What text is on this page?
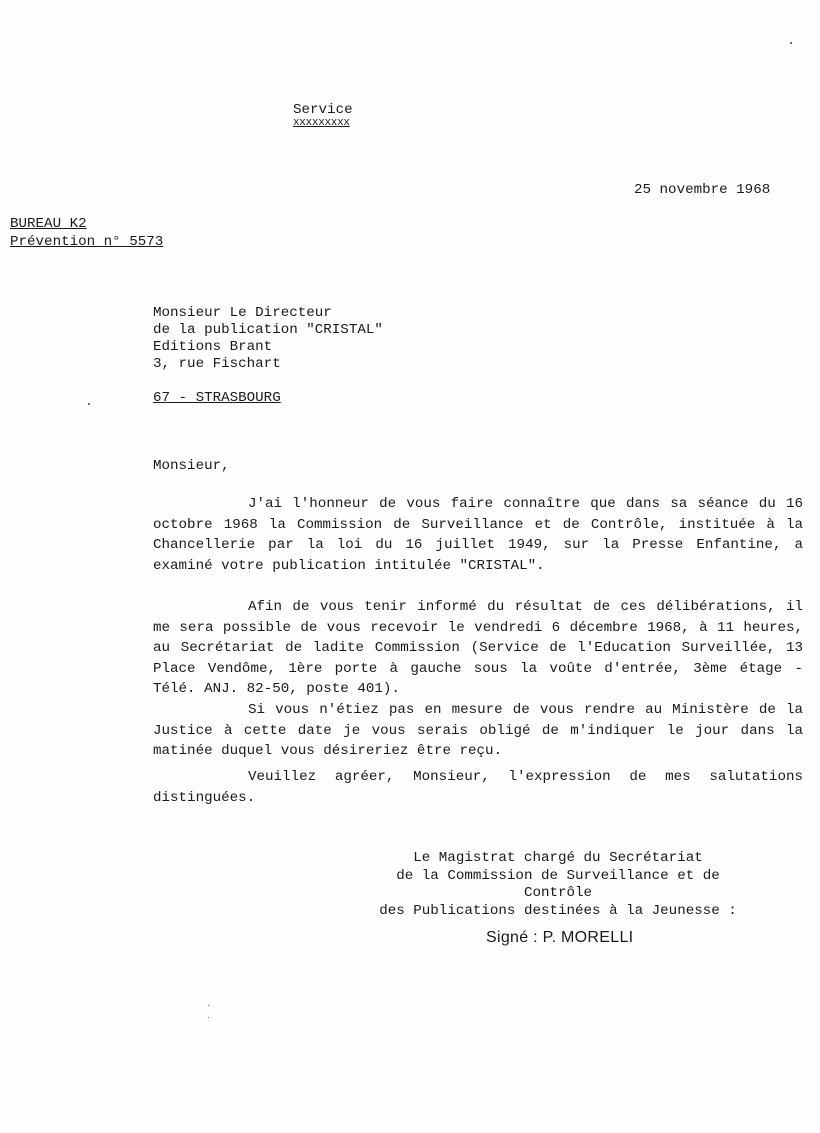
Service
xxxxxxxxx
25 novembre 1968
BUREAU K2
Prévention n° 5573
Monsieur Le Directeur
de la publication "CRISTAL"
Editions Brant
3, rue Fischart
67 - STRASBOURG
Monsieur,
J'ai l'honneur de vous faire connaître que dans sa séance du 16 octobre 1968 la Commission de Surveillance et de Contrôle, instituée à la Chancellerie par la loi du 16 juillet 1949, sur la Presse Enfantine, a examiné votre publication intitulée "CRISTAL".
Afin de vous tenir informé du résultat de ces délibérations, il me sera possible de vous recevoir le vendredi 6 décembre 1968, à 11 heures, au Secrétariat de ladite Commission (Service de l'Education Surveillée, 13 Place Vendôme, 1ère porte à gauche sous la voûte d'entrée, 3ème étage - Télé. ANJ. 82-50, poste 401).
Si vous n'étiez pas en mesure de vous rendre au Ministère de la Justice à cette date je vous serais obligé de m'indiquer le jour dans la matinée duquel vous désireriez être reçu.
Veuillez agréer, Monsieur, l'expression de mes salutations distinguées.
Le Magistrat chargé du Secrétariat
de la Commission de Surveillance et de Contrôle
des Publications destinées à la Jeunesse :
Signé : P. MORELLI
